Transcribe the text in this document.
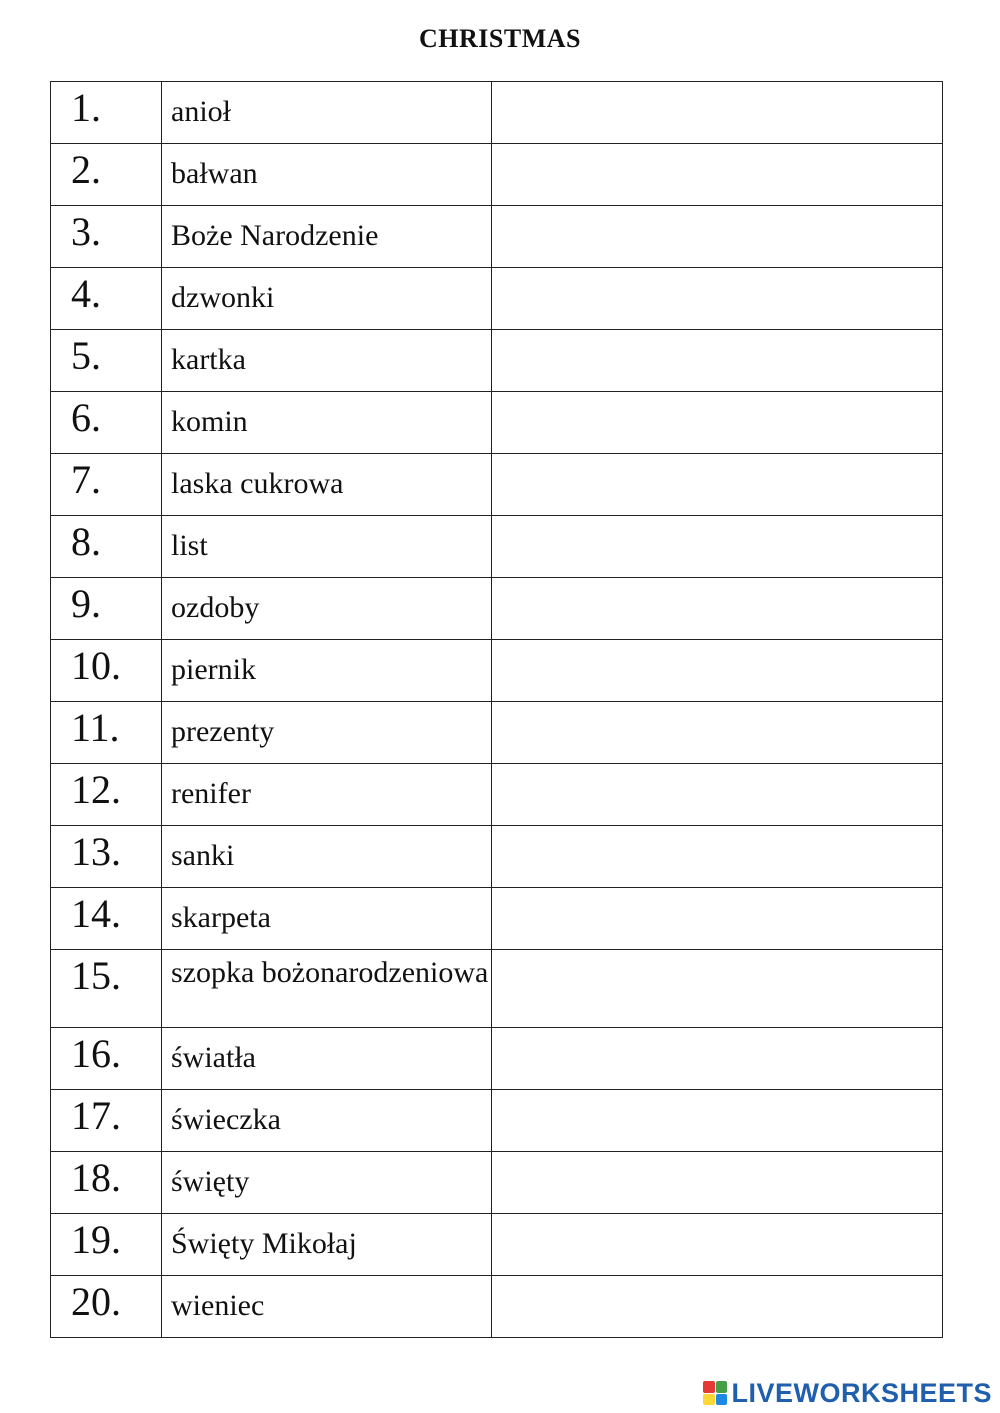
CHRISTMAS
1.	anioł	
2.	bałwan	
3.	Boże Narodzenie	
4.	dzwonki	
5.	kartka	
6.	komin	
7.	laska cukrowa	
8.	list	
9.	ozdoby	
10.	piernik	
11.	prezenty	
12.	renifer	
13.	sanki	
14.	skarpeta	
15.	szopka bożonarodzeniowa	
16.	światła	
17.	świeczka	
18.	święty	
19.	Święty Mikołaj	
20.	wieniec	
LIVEWORKSHEETS
